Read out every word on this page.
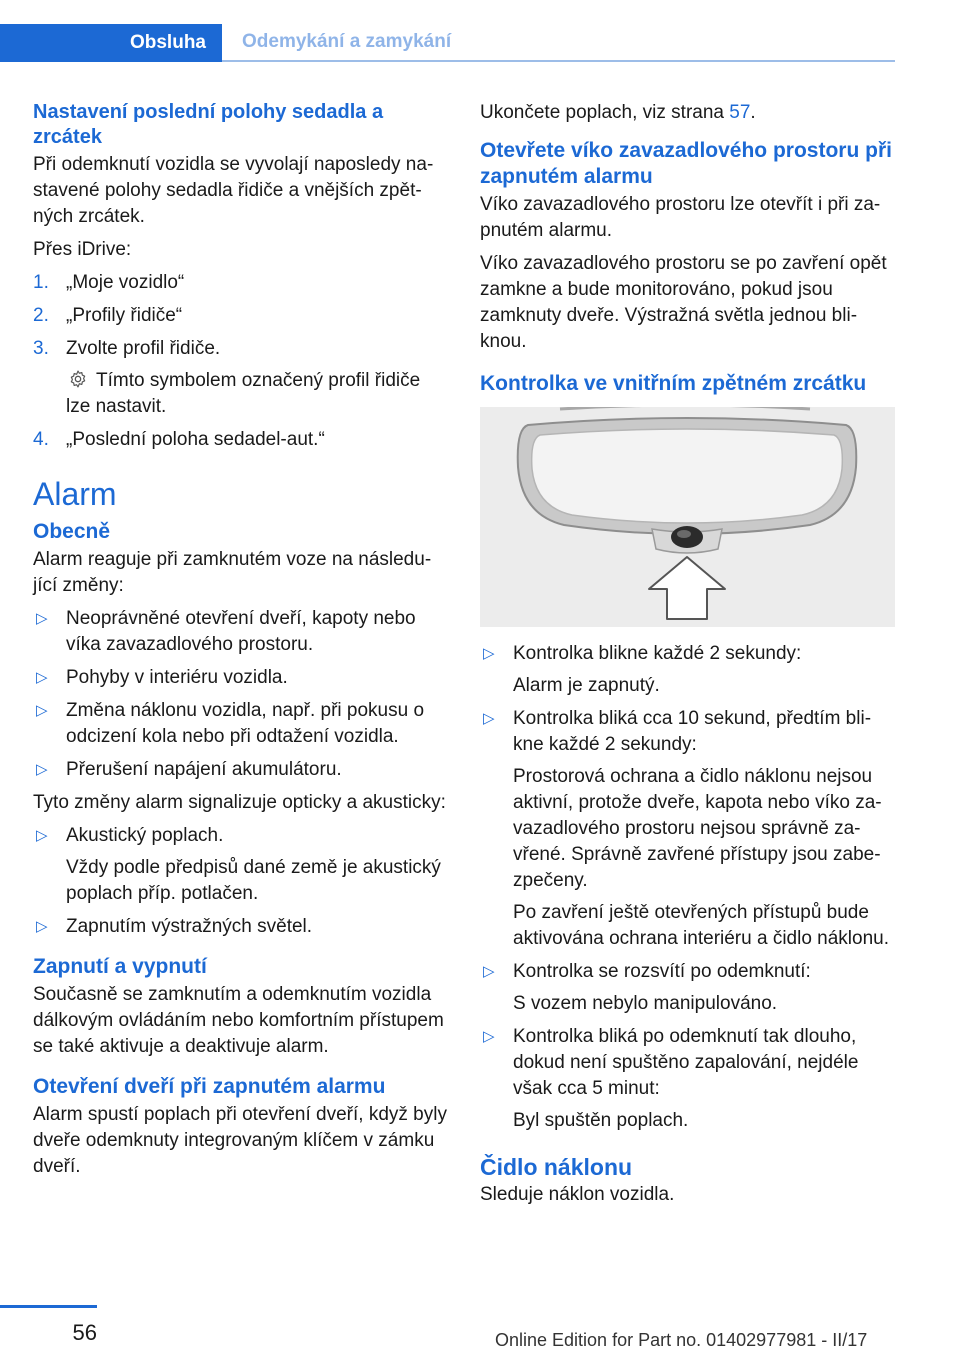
Obsluha	Odemykání a zamykání
Nastavení poslední polohy sedadla a zrcátek

Při odemknutí vozidla se vyvolají naposledy nastavené polohy sedadla řidiče a vnějších zpětných zrcátek.

Přes iDrive:

1. „Moje vozidlo“
2. „Profily řidiče“
3. Zvolte profil řidiče.
Tímto symbolem označený profil řidiče lze nastavit.
4. „Poslední poloha sedadel-aut.“
Alarm
Obecně

Alarm reaguje při zamknutém voze na následující změny:

▷ Neoprávněné otevření dveří, kapoty nebo víka zavazadlového prostoru.
▷ Pohyby v interiéru vozidla.
▷ Změna náklonu vozidla, např. při pokusu o odcizení kola nebo při odtažení vozidla.
▷ Přerušení napájení akumulátoru.

Tyto změny alarm signalizuje opticky a akusticky:

▷ Akustický poplach.
Vždy podle předpisů dané země je akustický poplach příp. potlačen.
▷ Zapnutím výstražných světel.
Zapnutí a vypnutí

Současně se zamknutím a odemknutím vozidla dálkovým ovládáním nebo komfortním přístupem se také aktivuje a deaktivuje alarm.

Otevření dveří při zapnutém alarmu

Alarm spustí poplach při otevření dveří, když byly dveře odemknuty integrovaným klíčem v zámku dveří.

Ukončete poplach, viz strana 57.

Otevřete víko zavazadlového prostoru při zapnutém alarmu

Víko zavazadlového prostoru lze otevřít i při zapnutém alarmu.

Víko zavazadlového prostoru se po zavření opět zamkne a bude monitorováno, pokud jsou zamknuty dveře. Výstražná světla jednou bliknou.

Kontrolka ve vnitřním zpětném zrcátku
▷ Kontrolka blikne každé 2 sekundy:
Alarm je zapnutý.
▷ Kontrolka bliká cca 10 sekund, předtím blikne každé 2 sekundy:
Prostorová ochrana a čidlo náklonu nejsou aktivní, protože dveře, kapota nebo víko zavazadlového prostoru nejsou správně zavřené. Správně zavřené přístupy jsou zabezpečeny.
Po zavření ještě otevřených přístupů bude aktivována ochrana interiéru a čidlo náklonu.
▷ Kontrolka se rozsvítí po odemknutí:
S vozem nebylo manipulováno.
▷ Kontrolka bliká po odemknutí tak dlouho, dokud není spuštěno zapalování, nejdéle však cca 5 minut:
Byl spuštěn poplach.
Čidlo náklonu

Sleduje náklon vozidla.

56	Online Edition for Part no. 01402977981 - II/17
